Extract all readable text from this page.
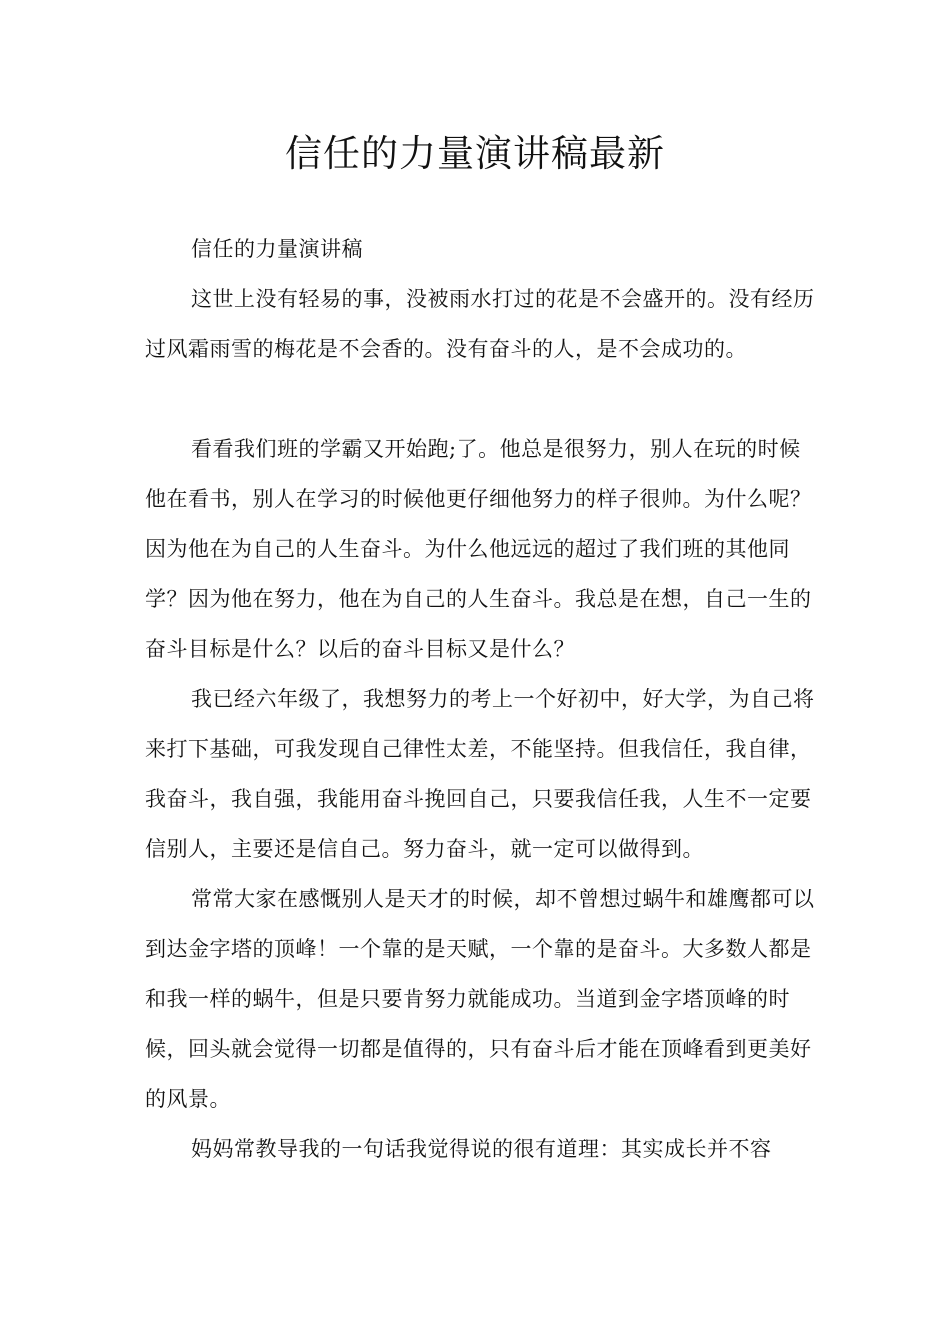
信任的力量演讲稿最新

信任的力量演讲稿

这世上没有轻易的事，没被雨水打过的花是不会盛开的。没有经历过风霜雨雪的梅花是不会香的。没有奋斗的人，是不会成功的。

看看我们班的学霸又开始跑;了。他总是很努力，别人在玩的时候他在看书，别人在学习的时候他更仔细他努力的样子很帅。为什么呢？因为他在为自己的人生奋斗。为什么他远远的超过了我们班的其他同学？因为他在努力，他在为自己的人生奋斗。我总是在想，自己一生的奋斗目标是什么？以后的奋斗目标又是什么？

我已经六年级了，我想努力的考上一个好初中，好大学，为自己将来打下基础，可我发现自己律性太差，不能坚持。但我信任，我自律，我奋斗，我自强，我能用奋斗挽回自己，只要我信任我，人生不一定要信别人，主要还是信自己。努力奋斗，就一定可以做得到。

常常大家在感慨别人是天才的时候，却不曾想过蜗牛和雄鹰都可以到达金字塔的顶峰！一个靠的是天赋，一个靠的是奋斗。大多数人都是和我一样的蜗牛，但是只要肯努力就能成功。当道到金字塔顶峰的时候，回头就会觉得一切都是值得的，只有奋斗后才能在顶峰看到更美好的风景。

妈妈常教导我的一句话我觉得说的很有道理：其实成长并不容
